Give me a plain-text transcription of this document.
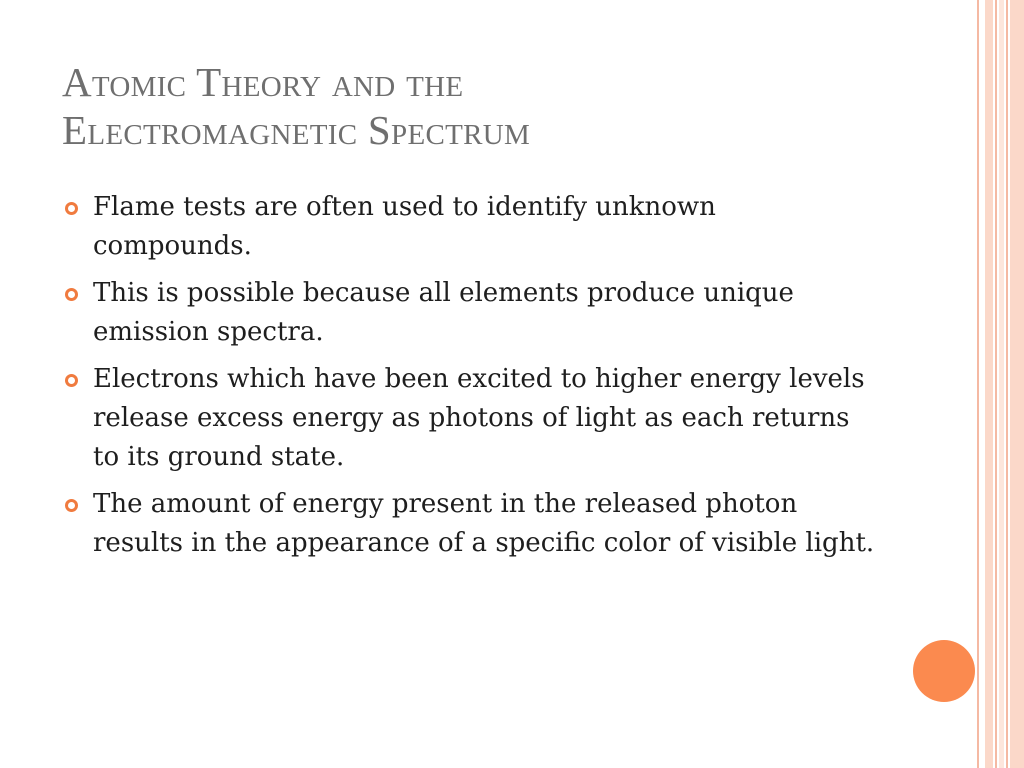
Atomic Theory and the
Electromagnetic Spectrum
Flame tests are often used to identify unknown compounds.
This is possible because all elements produce unique emission spectra.
Electrons which have been excited to higher energy levels release excess energy as photons of light as each returns to its ground state.
The amount of energy present in the released photon results in the appearance of a specific color of visible light.
